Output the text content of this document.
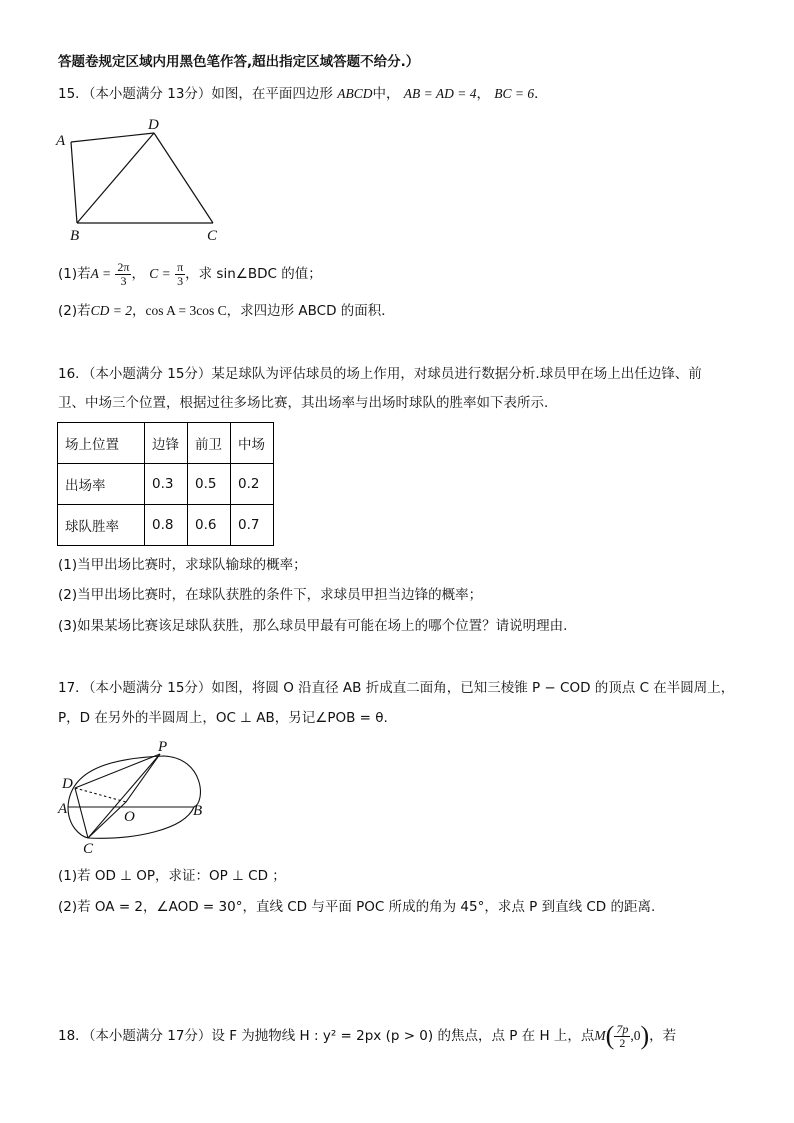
答题卷规定区域内用黑色笔作答,超出指定区域答题不给分.）
15．（本小题满分 13分）如图，在平面四边形 ABCD中， AB = AD = 4， BC = 6．
A
D
B	C
(1)若$A = \frac{2\pi}{3}$ ， $C = \frac{\pi}{3}$ ，求 sin∠BDC 的值；
(2)若CD = 2，cos A = 3cos C，求四边形 ABCD 的面积．
16．（本小题满分 15分）某足球队为评估球员的场上作用，对球员进行数据分析.球员甲在场上出任边锋、前
卫、中场三个位置，根据过往多场比赛，其出场率与出场时球队的胜率如下表所示.
场上位置	边锋	前卫	中场
出场率	0.3	0.5	0.2
球队胜率	0.8	0.6	0.7
(1)当甲出场比赛时，求球队输球的概率；
(2)当甲出场比赛时，在球队获胜的条件下，求球员甲担当边锋的概率；
(3)如果某场比赛该足球队获胜，那么球员甲最有可能在场上的哪个位置？请说明理由.
17．（本小题满分 15分）如图，将圆 O 沿直径 AB 折成直二面角，已知三棱锥 P − COD 的顶点 C 在半圆周上，
P，D 在另外的半圆周上，OC ⊥ AB，另记∠POB = θ.
P
D
A	O	B
C
(1)若 OD ⊥ OP，求证：OP ⊥ CD ；
(2)若 OA = 2，∠AOD = 30°，直线 CD 与平面 POC 所成的角为 45°，求点 P 到直线 CD 的距离.
18．（本小题满分 17分）设 F 为抛物线 H : y² = 2px (p > 0) 的焦点，点 P 在 H 上，点$M( \frac{7p}{2} ,0)$，若
